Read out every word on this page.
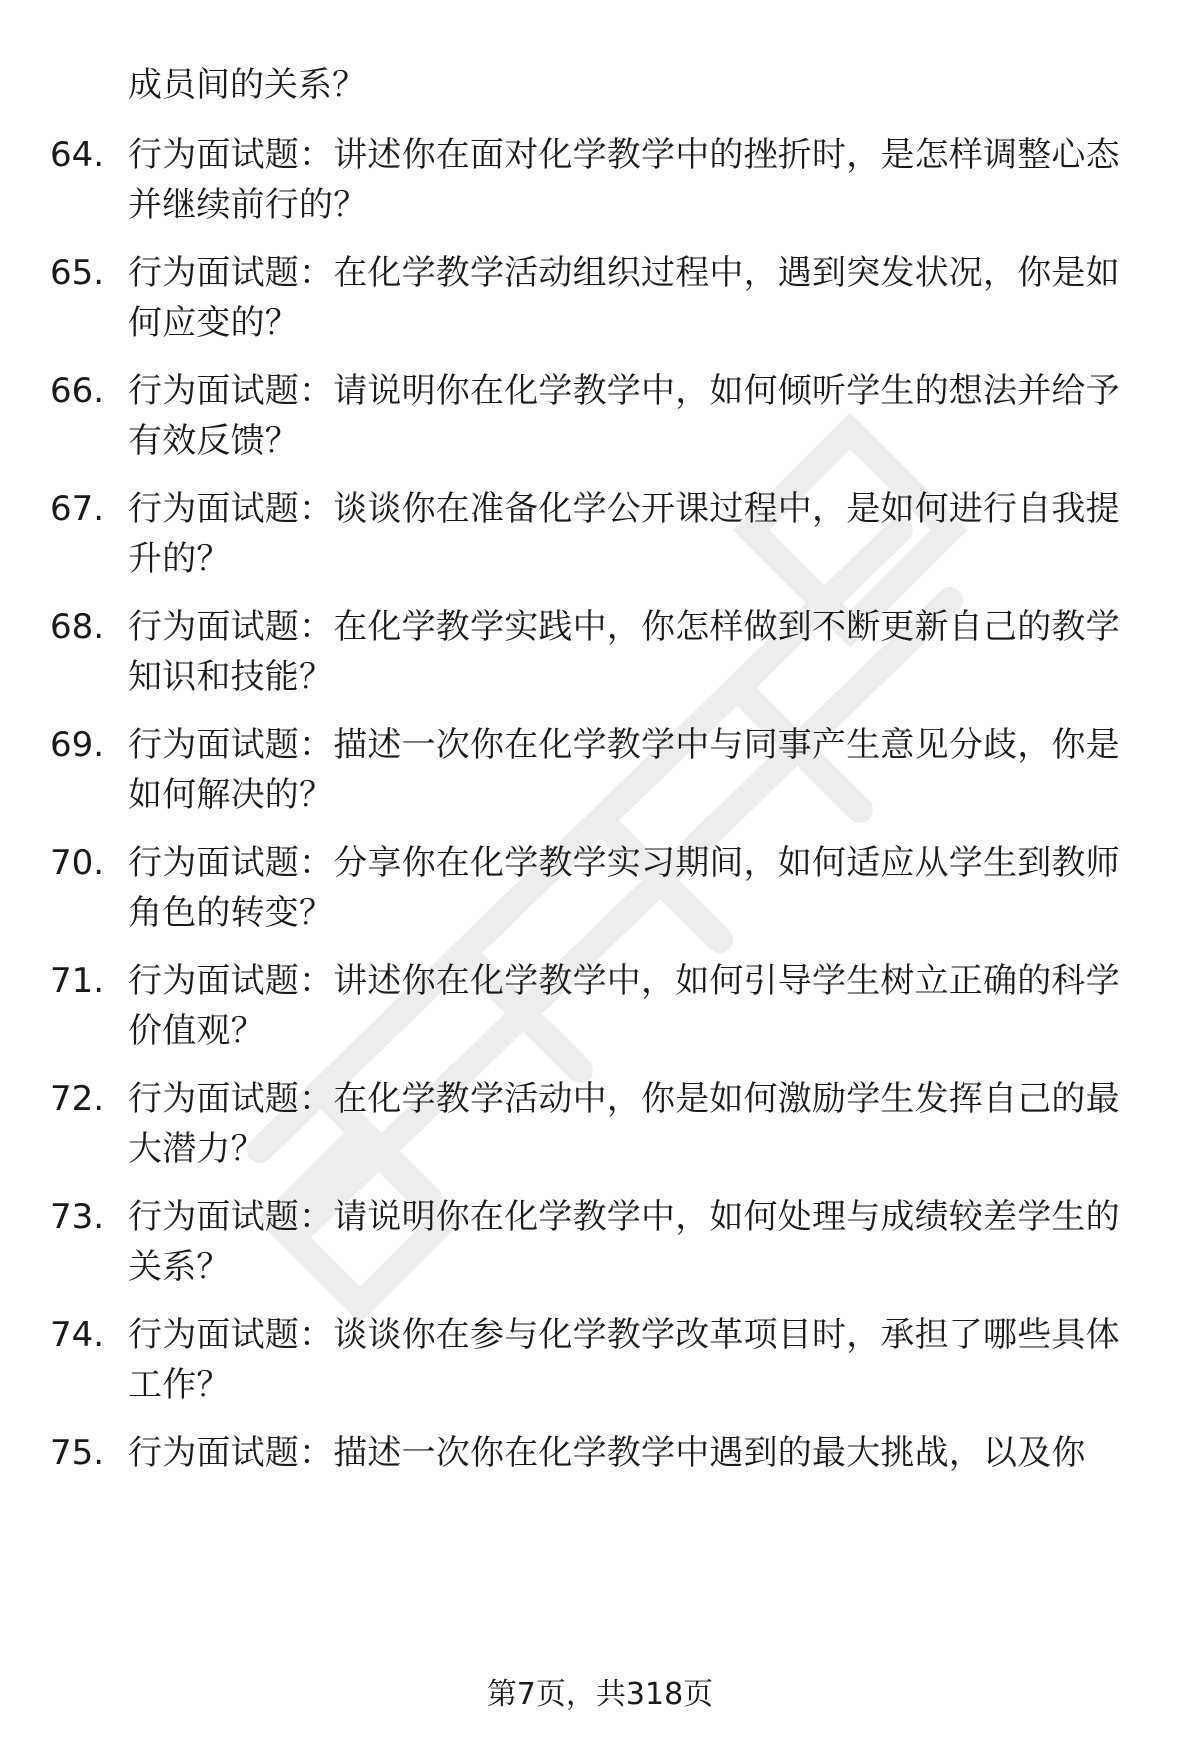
成员间的关系？

64. 行为面试题：讲述你在面对化学教学中的挫折时，是怎样调整心态并继续前行的？

65. 行为面试题：在化学教学活动组织过程中，遇到突发状况，你是如何应变的？

66. 行为面试题：请说明你在化学教学中，如何倾听学生的想法并给予有效反馈？

67. 行为面试题：谈谈你在准备化学公开课过程中，是如何进行自我提升的？

68. 行为面试题：在化学教学实践中，你怎样做到不断更新自己的教学知识和技能？

69. 行为面试题：描述一次你在化学教学中与同事产生意见分歧，你是如何解决的？

70. 行为面试题：分享你在化学教学实习期间，如何适应从学生到教师角色的转变？

71. 行为面试题：讲述你在化学教学中，如何引导学生树立正确的科学价值观？

72. 行为面试题：在化学教学活动中，你是如何激励学生发挥自己的最大潜力？

73. 行为面试题：请说明你在化学教学中，如何处理与成绩较差学生的关系？

74. 行为面试题：谈谈你在参与化学教学改革项目时，承担了哪些具体工作？

75. 行为面试题：描述一次你在化学教学中遇到的最大挑战，以及你

第7页，共318页
